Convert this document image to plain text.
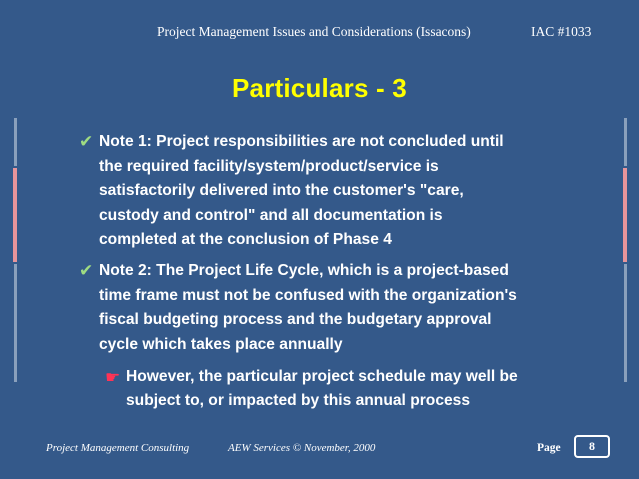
Project Management Issues and Considerations (Issacons)	IAC #1033
Particulars - 3
✔ Note 1: Project responsibilities are not concluded until
the required facility/system/product/service is
satisfactorily delivered into the customer's "care,
custody and control" and all documentation is
completed at the conclusion of Phase 4
✔ Note 2: The Project Life Cycle, which is a project-based
time frame must not be confused with the organization's
fiscal budgeting process and the budgetary approval
cycle which takes place annually
☛ However, the particular project schedule may well be
subject to, or impacted by this annual process
Project Management Consulting	AEW Services © November, 2000	Page	8
